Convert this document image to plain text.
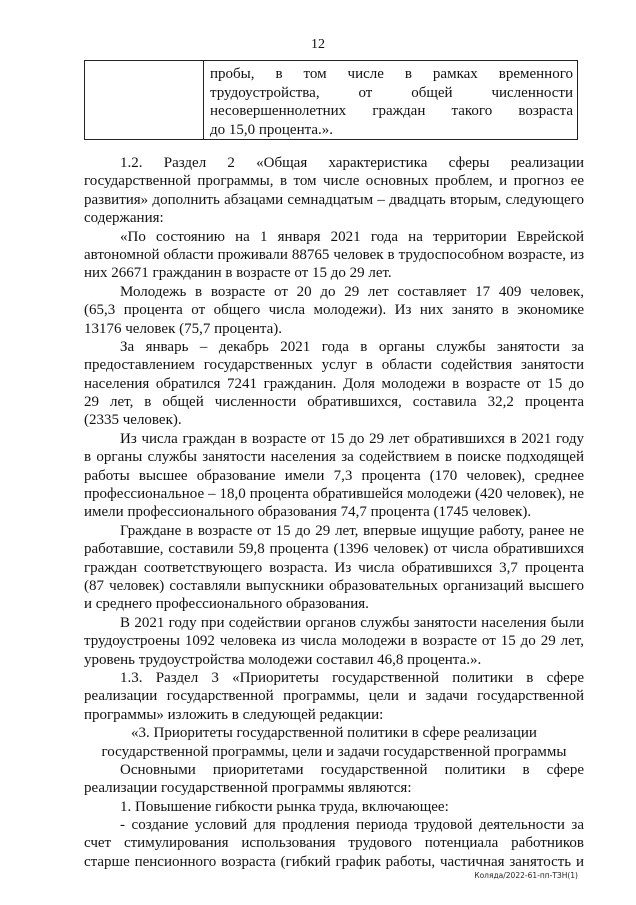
12
пробы, в том числе в рамках временного
трудоустройства, от общей численности
несовершеннолетних граждан такого возраста
до 15,0 процента.».
1.2. Раздел 2 «Общая характеристика сферы реализации
государственной программы, в том числе основных проблем, и прогноз ее
развития» дополнить абзацами семнадцатым – двадцать вторым, следующего
содержания:
«По состоянию на 1 января 2021 года на территории Еврейской
автономной области проживали 88765 человек в трудоспособном возрасте, из
них 26671 гражданин в возрасте от 15 до 29 лет.
Молодежь в возрасте от 20 до 29 лет составляет 17 409 человек,
(65,3 процента от общего числа молодежи). Из них занято в экономике
13176 человек (75,7 процента).
За январь – декабрь 2021 года в органы службы занятости за
предоставлением государственных услуг в области содействия занятости
населения обратился 7241 гражданин. Доля молодежи в возрасте от 15 до
29 лет, в общей численности обратившихся, составила 32,2 процента
(2335 человек).
Из числа граждан в возрасте от 15 до 29 лет обратившихся в 2021 году
в органы службы занятости населения за содействием в поиске подходящей
работы высшее образование имели 7,3 процента (170 человек), среднее
профессиональное – 18,0 процента обратившейся молодежи (420 человек), не
имели профессионального образования 74,7 процента (1745 человек).
Граждане в возрасте от 15 до 29 лет, впервые ищущие работу, ранее не
работавшие, составили 59,8 процента (1396 человек) от числа обратившихся
граждан соответствующего возраста. Из числа обратившихся 3,7 процента
(87 человек) составляли выпускники образовательных организаций высшего
и среднего профессионального образования.
В 2021 году при содействии органов службы занятости населения были
трудоустроены 1092 человека из числа молодежи в возрасте от 15 до 29 лет,
уровень трудоустройства молодежи составил 46,8 процента.».
1.3. Раздел 3 «Приоритеты государственной политики в сфере
реализации государственной программы, цели и задачи государственной
программы» изложить в следующей редакции:
«3. Приоритеты государственной политики в сфере реализации
государственной программы, цели и задачи государственной программы
Основными приоритетами государственной политики в сфере
реализации государственной программы являются:
1. Повышение гибкости рынка труда, включающее:
- создание условий для продления периода трудовой деятельности за
счет стимулирования использования трудового потенциала работников
старше пенсионного возраста (гибкий график работы, частичная занятость и
Коляда/2022-61-пп-ТЗН(1)
